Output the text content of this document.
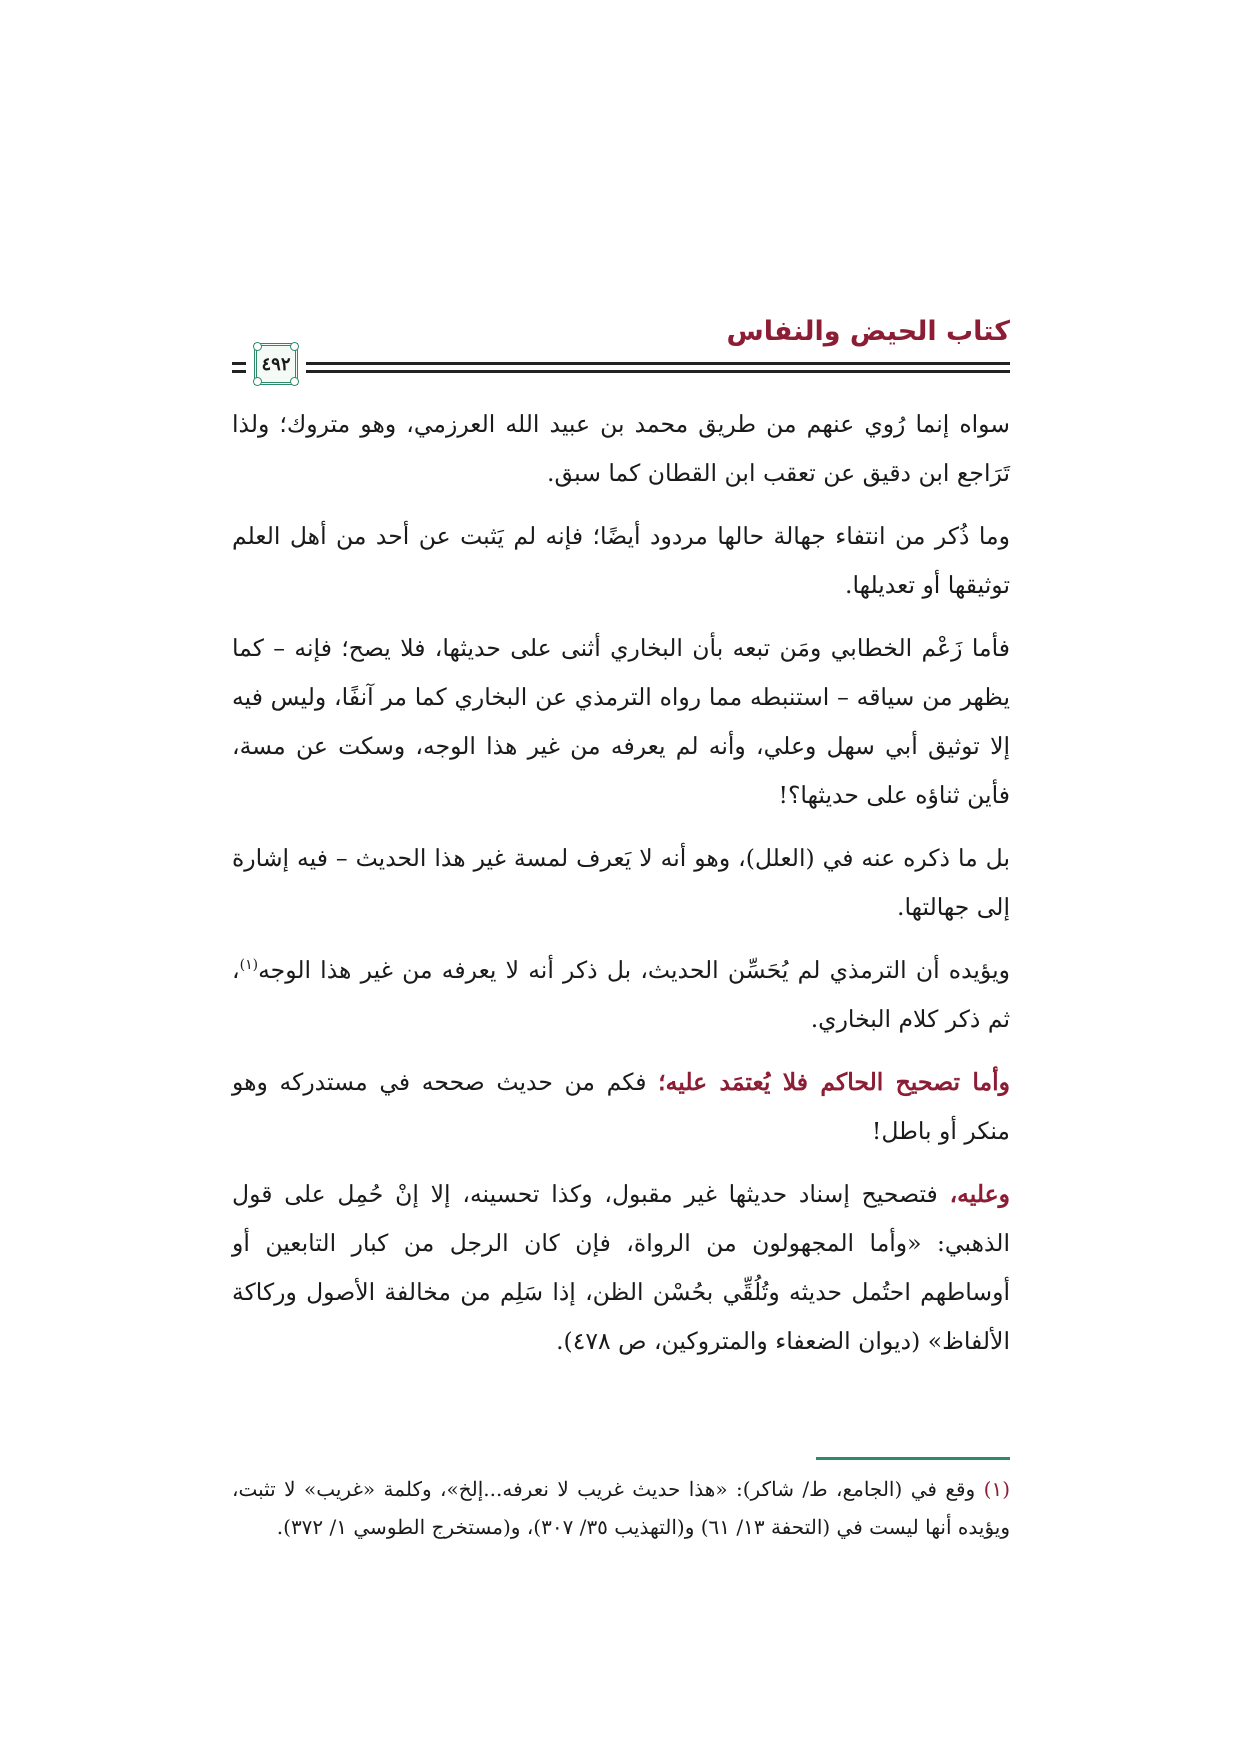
كتاب الحيض والنفاس
٤٩٢

سواه إنما رُوي عنهم من طريق محمد بن عبيد الله العرزمي، وهو متروك؛ ولذا تَرَاجع ابن دقيق عن تعقب ابن القطان كما سبق.

وما ذُكر من انتفاء جهالة حالها مردود أيضًا؛ فإنه لم يَثبت عن أحد من أهل العلم توثيقها أو تعديلها.

فأما زَعْم الخطابي ومَن تبعه بأن البخاري أثنى على حديثها، فلا يصح؛ فإنه – كما يظهر من سياقه – استنبطه مما رواه الترمذي عن البخاري كما مر آنفًا، وليس فيه إلا توثيق أبي سهل وعلي، وأنه لم يعرفه من غير هذا الوجه، وسكت عن مسة، فأين ثناؤه على حديثها؟!

بل ما ذكره عنه في (العلل)، وهو أنه لا يَعرف لمسة غير هذا الحديث – فيه إشارة إلى جهالتها.

ويؤيده أن الترمذي لم يُحَسِّن الحديث، بل ذكر أنه لا يعرفه من غير هذا الوجه$^{(١)}$، ثم ذكر كلام البخاري.

وأما تصحيح الحاكم فلا يُعتمَد عليه؛ فكم من حديث صححه في مستدركه وهو منكر أو باطل!

وعليه، فتصحيح إسناد حديثها غير مقبول، وكذا تحسينه، إلا إنْ حُمِل على قول الذهبي: «وأما المجهولون من الرواة، فإن كان الرجل من كبار التابعين أو أوساطهم احتُمل حديثه وتُلُقِّي بحُسْن الظن، إذا سَلِم من مخالفة الأصول وركاكة الألفاظ» (ديوان الضعفاء والمتروكين، ص ٤٧٨).

(١) وقع في (الجامع، ط/ شاكر): «هذا حديث غريب لا نعرفه...إلخ»، وكلمة «غريب» لا تثبت، ويؤيده أنها ليست في (التحفة ١٣/ ٦١) و(التهذيب ٣٥/ ٣٠٧)، و(مستخرج الطوسي ١/ ٣٧٢).
